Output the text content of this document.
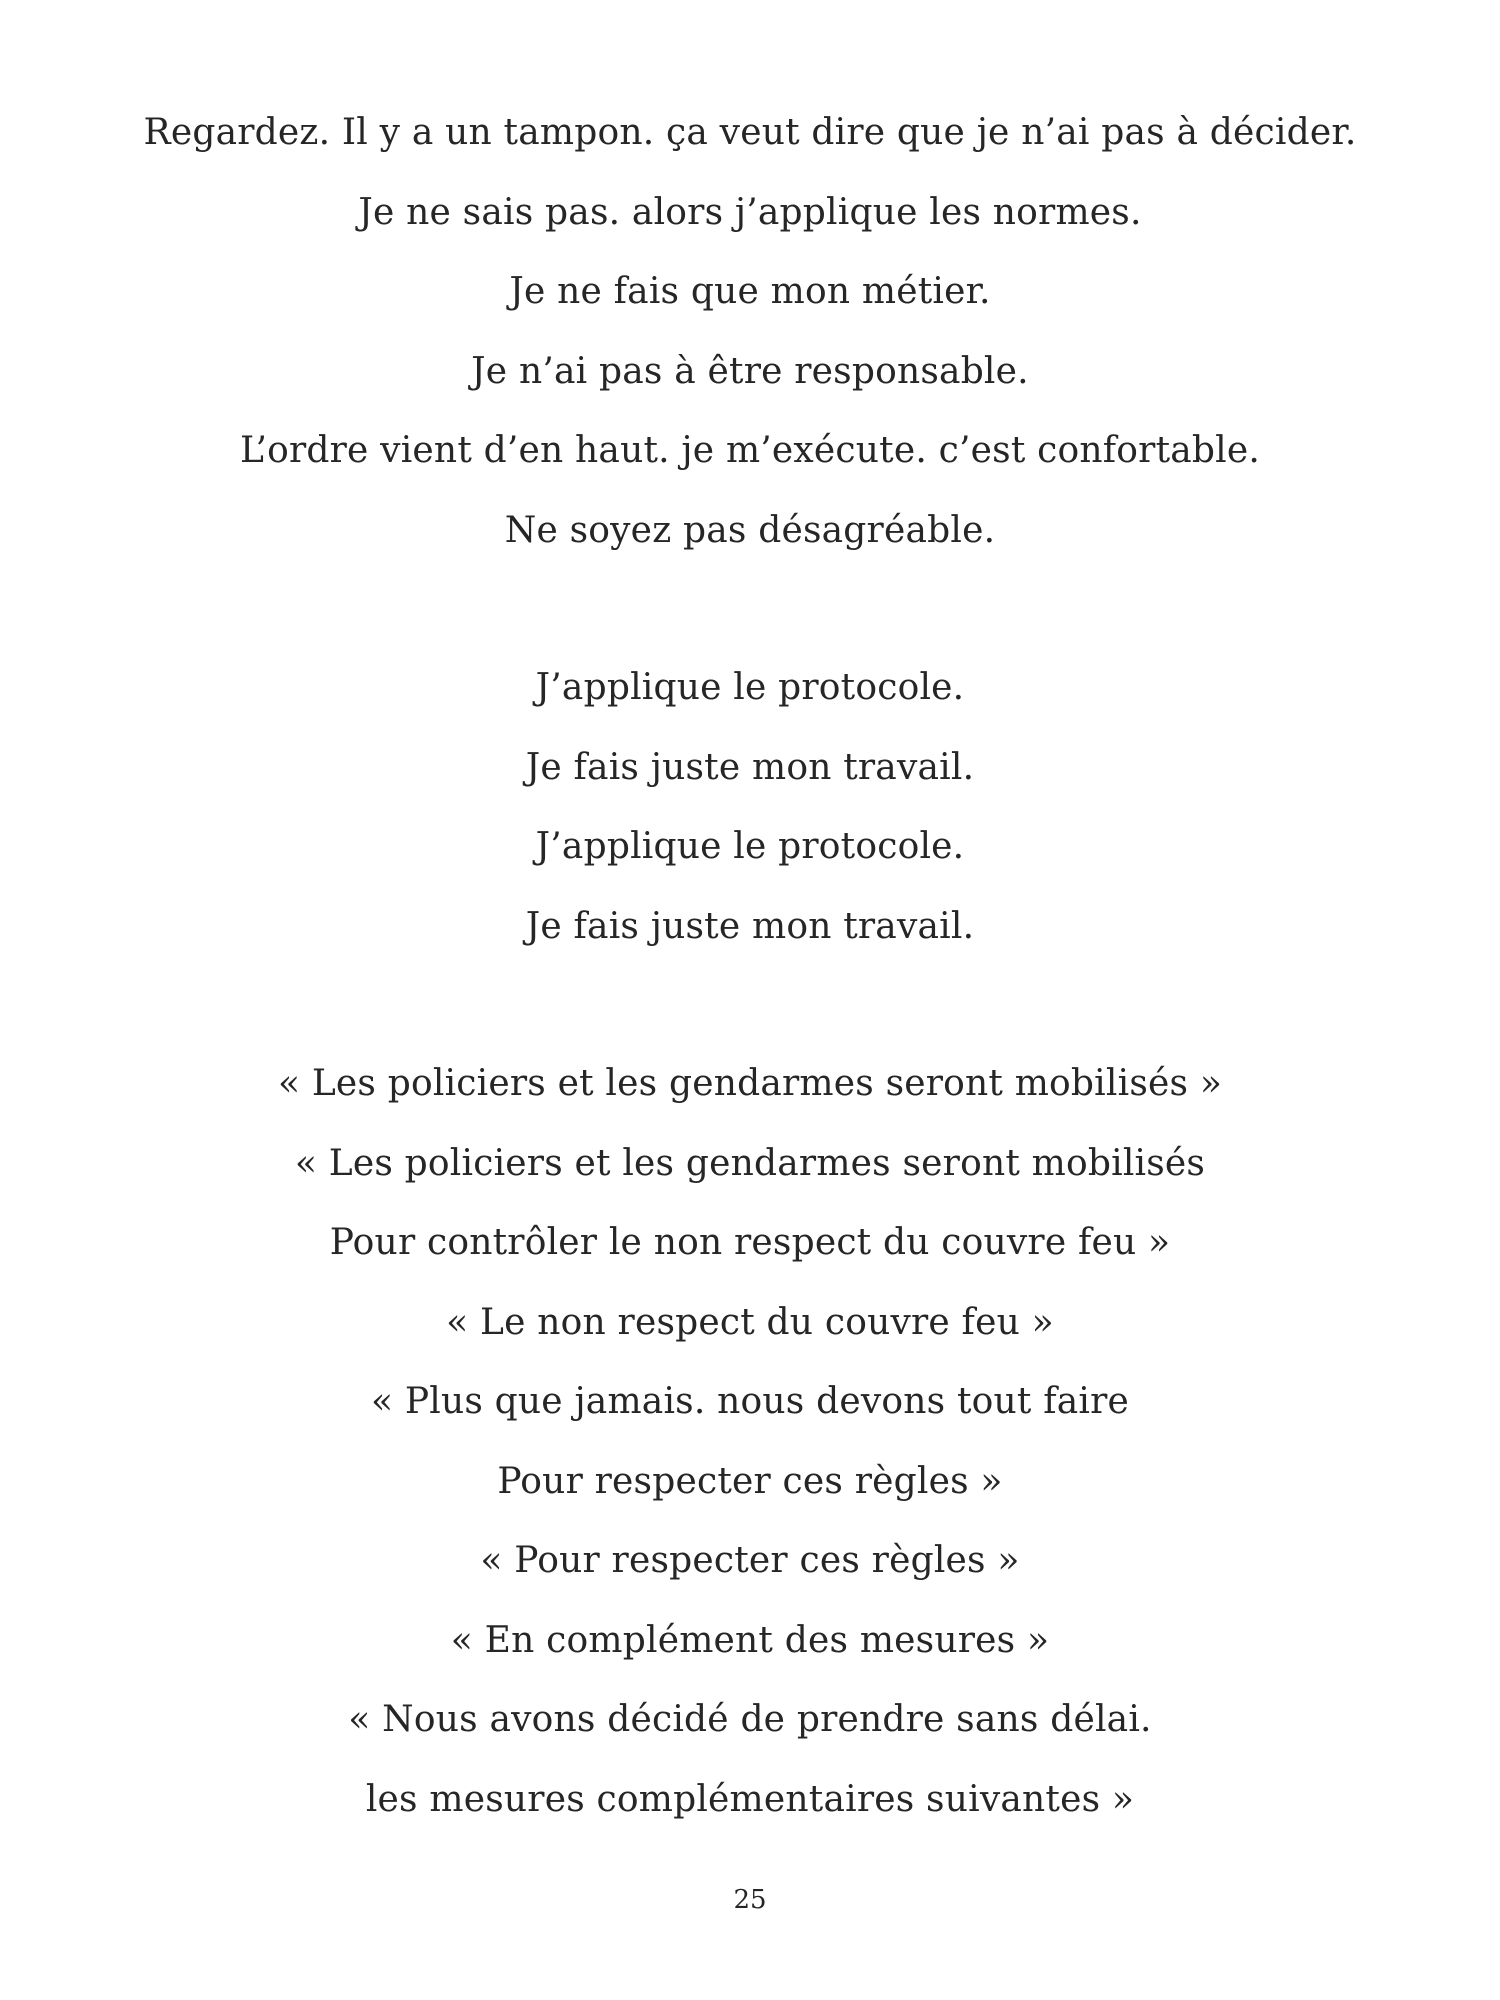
Regardez. Il y a un tampon. ça veut dire que je n’ai pas à décider.
Je ne sais pas. alors j’applique les normes.
Je ne fais que mon métier.
Je n’ai pas à être responsable.
L’ordre vient d’en haut. je m’exécute. c’est confortable.
Ne soyez pas désagréable.
J’applique le protocole.
Je fais juste mon travail.
J’applique le protocole.
Je fais juste mon travail.
« Les policiers et les gendarmes seront mobilisés »
« Les policiers et les gendarmes seront mobilisés
Pour contrôler le non respect du couvre feu »
« Le non respect du couvre feu »
« Plus que jamais. nous devons tout faire
Pour respecter ces règles »
« Pour respecter ces règles »
« En complément des mesures »
« Nous avons décidé de prendre sans délai.
les mesures complémentaires suivantes »
25
